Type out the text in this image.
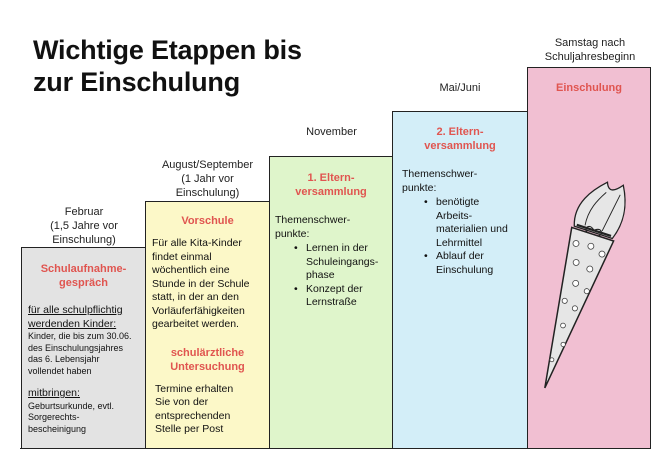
Wichtige Etappen bis
zur Einschulung
Februar
(1,5 Jahre vor
Einschulung)
Schulaufnahme-
gespräch
für alle schulpflichtig
werdenden Kinder:
Kinder, die bis zum 30.06.
des Einschulungsjahres
das 6. Lebensjahr
vollendet haben
mitbringen:
Geburtsurkunde, evtl.
Sorgerechts-
bescheinigung
August/September
(1 Jahr vor
Einschulung)
Vorschule
Für alle Kita-Kinder
findet einmal
wöchentlich eine
Stunde in der Schule
statt, in der an den
Vorläuferfähigkeiten
gearbeitet werden.
schulärztliche
Untersuchung
Termine erhalten
Sie von der
entsprechenden
Stelle per Post
November
1. Eltern-
versammlung
Themenschwer-
punkte:
• Lernen in der
Schuleingangs-
phase
• Konzept der
Lernstraße
Mai/Juni
2. Eltern-
versammlung
Themenschwer-
punkte:
• benötigte
Arbeits-
materialien und
Lehrmittel
• Ablauf der
Einschulung
Samstag nach
Schuljahresbeginn
Einschulung
